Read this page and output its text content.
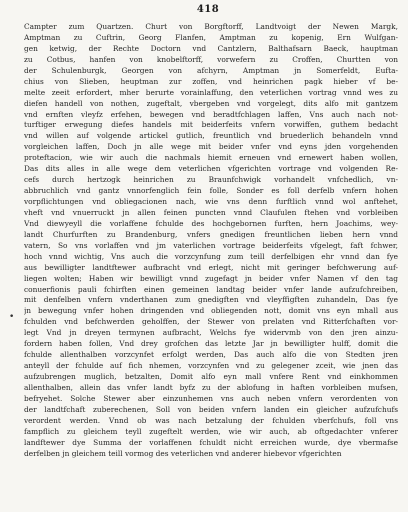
418
•
Campter zum Quartzen. Churt von Borgftorff, Landtvoigt der Newen Margk,
Amptman zu Cuftrin, Georg Flanfen, Amptman zu kopenig, Ern Wulfgan-
gen ketwig, der Rechte Doctorn vnd Cantzlern, Balthafsarn Baeck, hauptman
zu Cotbus, hanfen von knobelftorff, vorwefern zu Croffen, Churtten von
der Schulenburgk, Georgen von afchyrn, Amptman jn Somerfeldt, Eufta-
chius von Slieben, heuptman zur zoffen, vnd heinrichen pagk hieber vf be-
melte zeeit erfordert, mher berurte vorainlaffung, den veterlichen vortrag vnnd wes zu
diefen handell von nothen, zugeftalt, vbergeben vnd vorgelegt, dits alfo mit gantzem
vnd ernften vleyfz erfehen, bewegen vnd beradtfchlagen laffen, Vns auch nach not-
turftiger erwegung diefes handels mit beiderfeits vnfern vorwiffen, guthem bedacht
vnd willen auf volgende artickel gutlich, freuntlich vnd bruederlich behandeln vnnd
vorgleichen laffen, Doch jn alle wege mit beider vnfer vnd eyns jden vorgehenden
proteftacion, wie wir auch die nachmals hiemit erneuen vnd ernewert haben wollen,
Das dits alles in alle wege dem veterlichen vfgerichten vortrage vnd volgenden Re-
cefs durch hertzogk heinrichen zu Braunfchwigk vorhandelt vnfchedlich, vn-
abbruchlich vnd gantz vnnorfenglich fein folle, Sonder es foll derfelb vnfern hohen
vorpflichtungen vnd obliegacionen nach, wie vns denn furftlich vnnd wol anftehet,
vheft vnd vnuerruckt jn allen feinen puncten vnnd Claufulen ftehen vnd vorbleiben
Vnd diewyeyll die vorlaffene fchulde des hochgebornen furften, hern Joachims, wey-
landt Churfurften zu Brandenburg, vnfers gnedigen freuntlichen lieben hern vnnd
vatern, So vns vorlaffen vnd jm vaterlichen vortrage beiderfeits vfgelegt, faft fchwer,
hoch vnnd wichtig, Vns auch die vorzcynfung zum teill derfelbigen ehr vnnd dan fye
aus bewilligter landtftewer aufbracht vnd erlegt, nicht mit geringer befchwerung auf-
liegen wolten; Haben wir bewilligt vnnd zugefagt jn beider vnfer Namen vf den tag
conuerfionis pauli fchirften einen gemeinen landtag beider vnfer lande aufzufchreiben,
mit denfelben vnfern vnderthanen zum gnedigften vnd vleyffigften zuhandeln, Das fye
jn bewegung vnfer hohen dringenden vnd obliegenden nott, domit vns eyn mhall aus
fchulden vnd befchwerden geholffen, der Stewer von prelaten vnd Ritterfchaften vor-
legt Vnd jn dreyen termynen aufbracht, Welchs fye widervmb von den jren ainzu-
fordern haben follen, Vnd drey grofchen das letzte Jar jn bewilligter hulff, domit die
fchulde allenthalben vorzcynfet erfolgt werden, Das auch alfo die von Stedten jren
anteyll der fchulde auf fich nhemen, vorzcynfen vnd zu gelegener zceit, wie jnen das
aufzubrengen muglich, betzalten, Domit alfo eyn mall vnfere Rent vnd einkhommen
allenthalben, allein das vnfer landt byfz zu der ablofung in haften vorbleiben mufsen,
befryehet. Solche Stewer aber einzunhemen vns auch neben vnfern verordenten von
der landtfchaft zuberechenen, Soll von beiden vnfern landen ein gleicher aufzufchufs
verordent werden. Vnnd ob was nach betzalung der fchulden vberfchufs, foll vns
fampflich zu gleichem teyll zugeftelt werden, wie wir auch, ab oftgedachter vnferer
landftewer dye Summa der vorlaffenen fchuldt nicht erreichen wurde, dye vbermafse
derfelben jn gleichem teill vormog des veterlichen vnd anderer hiebevor vfgerichten
